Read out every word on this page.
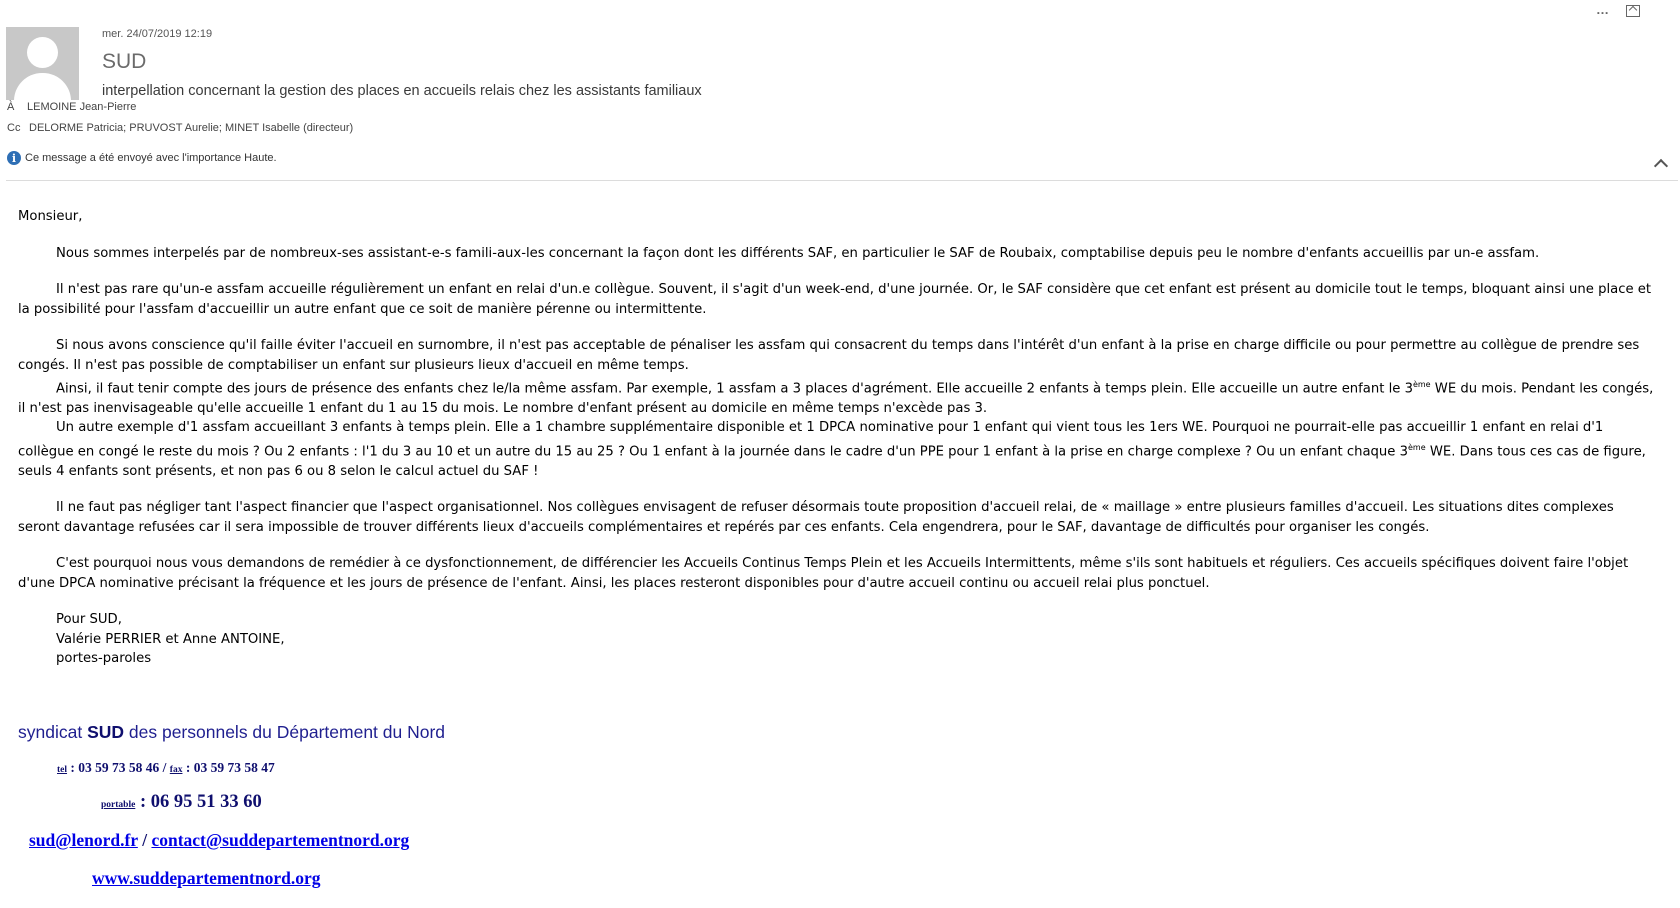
…
mer. 24/07/2019 12:19
SUD
interpellation concernant la gestion des places en accueils relais chez les assistants familiaux
À LEMOINE Jean-Pierre
Cc DELORME Patricia; PRUVOST Aurelie; MINET Isabelle (directeur)
i Ce message a été envoyé avec l'importance Haute.

Monsieur,

Nous sommes interpelés par de nombreux-ses assistant-e-s famili-aux-les concernant la façon dont les différents SAF, en particulier le SAF de Roubaix, comptabilise depuis peu le nombre d'enfants accueillis par un-e assfam.

Il n'est pas rare qu'un-e assfam accueille régulièrement un enfant en relai d'un.e collègue. Souvent, il s'agit d'un week-end, d'une journée. Or, le SAF considère que cet enfant est présent au domicile tout le temps, bloquant ainsi une place et la possibilité pour l'assfam d'accueillir un autre enfant que ce soit de manière pérenne ou intermittente.

Si nous avons conscience qu'il faille éviter l'accueil en surnombre, il n'est pas acceptable de pénaliser les assfam qui consacrent du temps dans l'intérêt d'un enfant à la prise en charge difficile ou pour permettre au collègue de prendre ses congés. Il n'est pas possible de comptabiliser un enfant sur plusieurs lieux d'accueil en même temps.

Ainsi, il faut tenir compte des jours de présence des enfants chez le/la même assfam. Par exemple, 1 assfam a 3 places d'agrément. Elle accueille 2 enfants à temps plein. Elle accueille un autre enfant le 3ème WE du mois. Pendant les congés, il n'est pas inenvisageable qu'elle accueille 1 enfant du 1 au 15 du mois. Le nombre d'enfant présent au domicile en même temps n'excède pas 3.

Un autre exemple d'1 assfam accueillant 3 enfants à temps plein. Elle a 1 chambre supplémentaire disponible et 1 DPCA nominative pour 1 enfant qui vient tous les 1ers WE. Pourquoi ne pourrait-elle pas accueillir 1 enfant en relai d'1 collègue en congé le reste du mois ? Ou 2 enfants : l'1 du 3 au 10 et un autre du 15 au 25 ? Ou 1 enfant à la journée dans le cadre d'un PPE pour 1 enfant à la prise en charge complexe ? Ou un enfant chaque 3ème WE. Dans tous ces cas de figure, seuls 4 enfants sont présents, et non pas 6 ou 8 selon le calcul actuel du SAF !

Il ne faut pas négliger tant l'aspect financier que l'aspect organisationnel. Nos collègues envisagent de refuser désormais toute proposition d'accueil relai, de « maillage » entre plusieurs familles d'accueil. Les situations dites complexes seront davantage refusées car il sera impossible de trouver différents lieux d'accueils complémentaires et repérés par ces enfants. Cela engendrera, pour le SAF, davantage de difficultés pour organiser les congés.

C'est pourquoi nous vous demandons de remédier à ce dysfonctionnement, de différencier les Accueils Continus Temps Plein et les Accueils Intermittents, même s'ils sont habituels et réguliers. Ces accueils spécifiques doivent faire l'objet d'une DPCA nominative précisant la fréquence et les jours de présence de l'enfant. Ainsi, les places resteront disponibles pour d'autre accueil continu ou accueil relai plus ponctuel.

Pour SUD,

Valérie PERRIER et Anne ANTOINE,

portes-paroles

syndicat SUD des personnels du Département du Nord
tel : 03 59 73 58 46 / fax : 03 59 73 58 47
portable : 06 95 51 33 60
sud@lenord.fr / contact@suddepartementnord.org
www.suddepartementnord.org
